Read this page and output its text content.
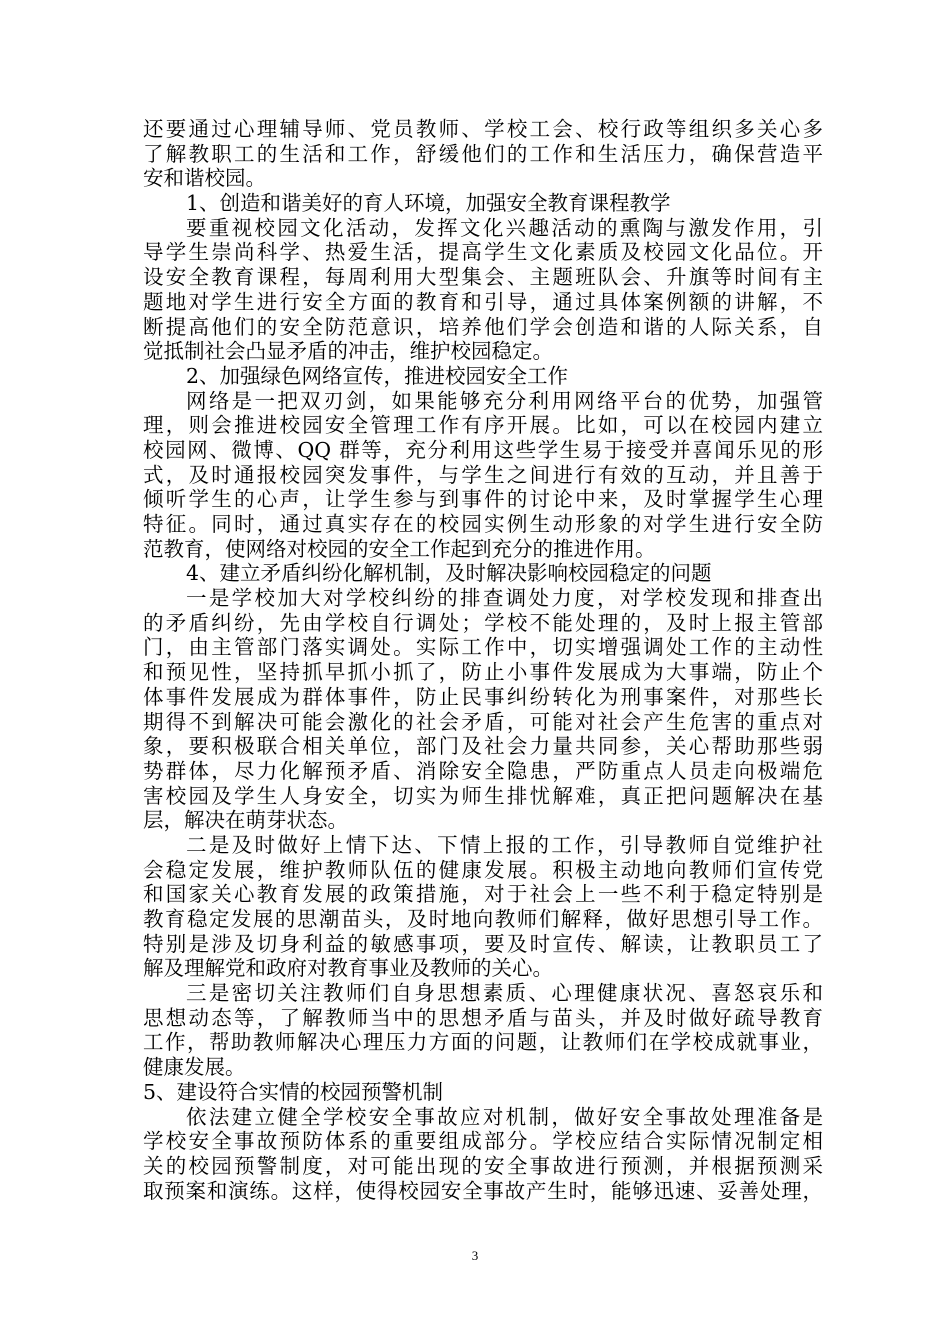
还要通过心理辅导师、党员教师、学校工会、校行政等组织多关心多
了解教职工的生活和工作，舒缓他们的工作和生活压力，确保营造平
安和谐校园。
1、创造和谐美好的育人环境，加强安全教育课程教学
要重视校园文化活动，发挥文化兴趣活动的熏陶与激发作用，引
导学生崇尚科学、热爱生活，提高学生文化素质及校园文化品位。开
设安全教育课程，每周利用大型集会、主题班队会、升旗等时间有主
题地对学生进行安全方面的教育和引导，通过具体案例额的讲解，不
断提高他们的安全防范意识，培养他们学会创造和谐的人际关系，自
觉抵制社会凸显矛盾的冲击，维护校园稳定。
2、加强绿色网络宣传，推进校园安全工作
网络是一把双刃剑，如果能够充分利用网络平台的优势，加强管
理，则会推进校园安全管理工作有序开展。比如，可以在校园内建立
校园网、微博、QQ 群等，充分利用这些学生易于接受并喜闻乐见的形
式，及时通报校园突发事件，与学生之间进行有效的互动，并且善于
倾听学生的心声，让学生参与到事件的讨论中来，及时掌握学生心理
特征。同时，通过真实存在的校园实例生动形象的对学生进行安全防
范教育，使网络对校园的安全工作起到充分的推进作用。
4、建立矛盾纠纷化解机制，及时解决影响校园稳定的问题
一是学校加大对学校纠纷的排查调处力度，对学校发现和排查出
的矛盾纠纷，先由学校自行调处；学校不能处理的，及时上报主管部
门，由主管部门落实调处。实际工作中，切实增强调处工作的主动性
和预见性，坚持抓早抓小抓了，防止小事件发展成为大事端，防止个
体事件发展成为群体事件，防止民事纠纷转化为刑事案件，对那些长
期得不到解决可能会激化的社会矛盾，可能对社会产生危害的重点对
象，要积极联合相关单位，部门及社会力量共同参，关心帮助那些弱
势群体，尽力化解预矛盾、消除安全隐患，严防重点人员走向极端危
害校园及学生人身安全，切实为师生排忧解难，真正把问题解决在基
层，解决在萌芽状态。
二是及时做好上情下达、下情上报的工作，引导教师自觉维护社
会稳定发展，维护教师队伍的健康发展。积极主动地向教师们宣传党
和国家关心教育发展的政策措施，对于社会上一些不利于稳定特别是
教育稳定发展的思潮苗头，及时地向教师们解释，做好思想引导工作。
特别是涉及切身利益的敏感事项，要及时宣传、解读，让教职员工了
解及理解党和政府对教育事业及教师的关心。
三是密切关注教师们自身思想素质、心理健康状况、喜怒哀乐和
思想动态等，了解教师当中的思想矛盾与苗头，并及时做好疏导教育
工作，帮助教师解决心理压力方面的问题，让教师们在学校成就事业，
健康发展。
5、建设符合实情的校园预警机制
依法建立健全学校安全事故应对机制，做好安全事故处理准备是
学校安全事故预防体系的重要组成部分。学校应结合实际情况制定相
关的校园预警制度，对可能出现的安全事故进行预测，并根据预测采
取预案和演练。这样，使得校园安全事故产生时，能够迅速、妥善处理，
3
